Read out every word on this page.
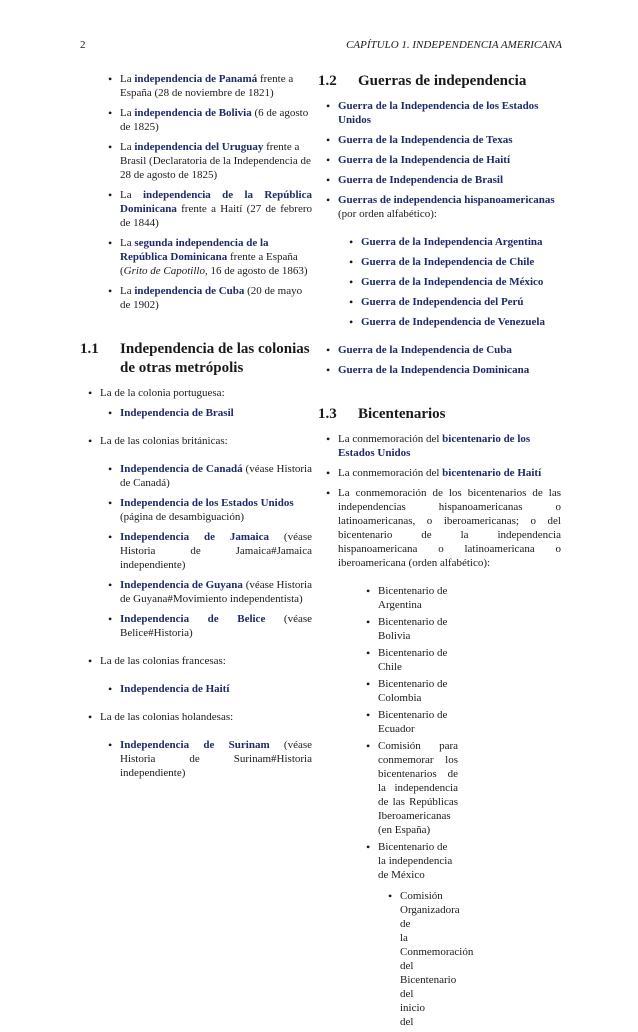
2	CAPÍTULO 1. INDEPENDENCIA AMERICANA
• La independencia de Panamá frente a España (28 de noviembre de 1821)
• La independencia de Bolivia (6 de agosto de 1825)
• La independencia del Uruguay frente a Brasil (Declaratoria de la Independencia de 28 de agosto de 1825)
• La independencia de la República Dominicana frente a Haití (27 de febrero de 1844)
• La segunda independencia de la República Dominicana frente a España (Grito de Capotillo, 16 de agosto de 1863)
• La independencia de Cuba (20 de mayo de 1902)
1.1	Independencia de las colonias de otras metrópolis
• La de la colonia portuguesa:
• Independencia de Brasil
• La de las colonias británicas:
• Independencia de Canadá (véase Historia de Canadá)
• Independencia de los Estados Unidos (página de desambiguación)
• Independencia de Jamaica (véase Historia de Jamaica#Jamaica independiente)
• Independencia de Guyana (véase Historia de Guyana#Movimiento independentista)
• Independencia de Belice (véase Belice#Historia)
• La de las colonias francesas:
• Independencia de Haití
• La de las colonias holandesas:
• Independencia de Surinam (véase Historia de Surinam#Historia independiente)
1.2	Guerras de independencia
• Guerra de la Independencia de los Estados Unidos
• Guerra de la Independencia de Texas
• Guerra de la Independencia de Haití
• Guerra de Independencia de Brasil
• Guerras de independencia hispanoamericanas (por orden alfabético):
• Guerra de la Independencia Argentina
• Guerra de la Independencia de Chile
• Guerra de la Independencia de México
• Guerra de Independencia del Perú
• Guerra de Independencia de Venezuela
• Guerra de la Independencia de Cuba
• Guerra de la Independencia Dominicana
1.3	Bicentenarios
• La conmemoración del bicentenario de los Estados Unidos
• La conmemoración del bicentenario de Haití
• La conmemoración de los bicentenarios de las independencias hispanoamericanas o latinoamericanas, o iberoamericanas; o del bicentenario de la independencia hispanoamericana o latinoamericana o iberoamericana (orden alfabético):
• Bicentenario de Argentina
• Bicentenario de Bolivia
• Bicentenario de Chile
• Bicentenario de Colombia
• Bicentenario de Ecuador
• Comisión para conmemorar los bicentenarios de la independencia de las Repúblicas Iberoamericanas (en España)
• Bicentenario de la independencia de México
• Comisión Organizadora de la Conmemoración del Bicentenario del inicio del
